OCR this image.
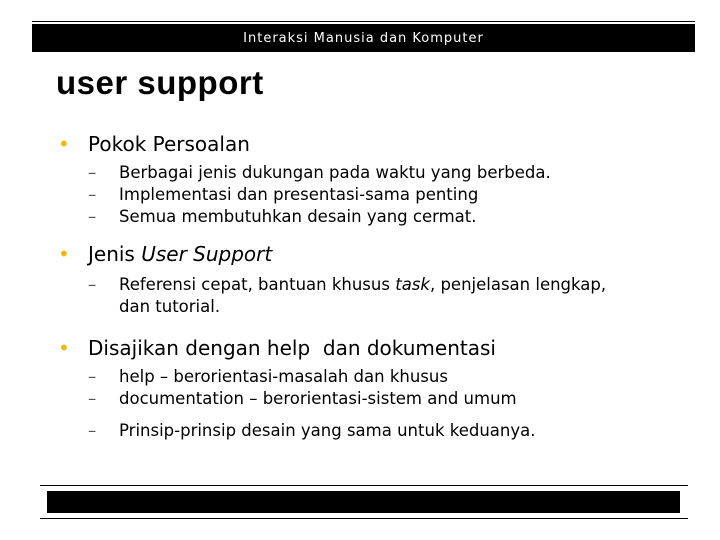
Interaksi Manusia dan Komputer
user support
• Pokok Persoalan
– Berbagai jenis dukungan pada waktu yang berbeda.
– Implementasi dan presentasi-sama penting
– Semua membutuhkan desain yang cermat.
• Jenis User Support
– Referensi cepat, bantuan khusus task, penjelasan lengkap,
dan tutorial.
• Disajikan dengan help  dan dokumentasi
– help – berorientasi-masalah dan khusus
– documentation – berorientasi-sistem and umum
– Prinsip-prinsip desain yang sama untuk keduanya.
